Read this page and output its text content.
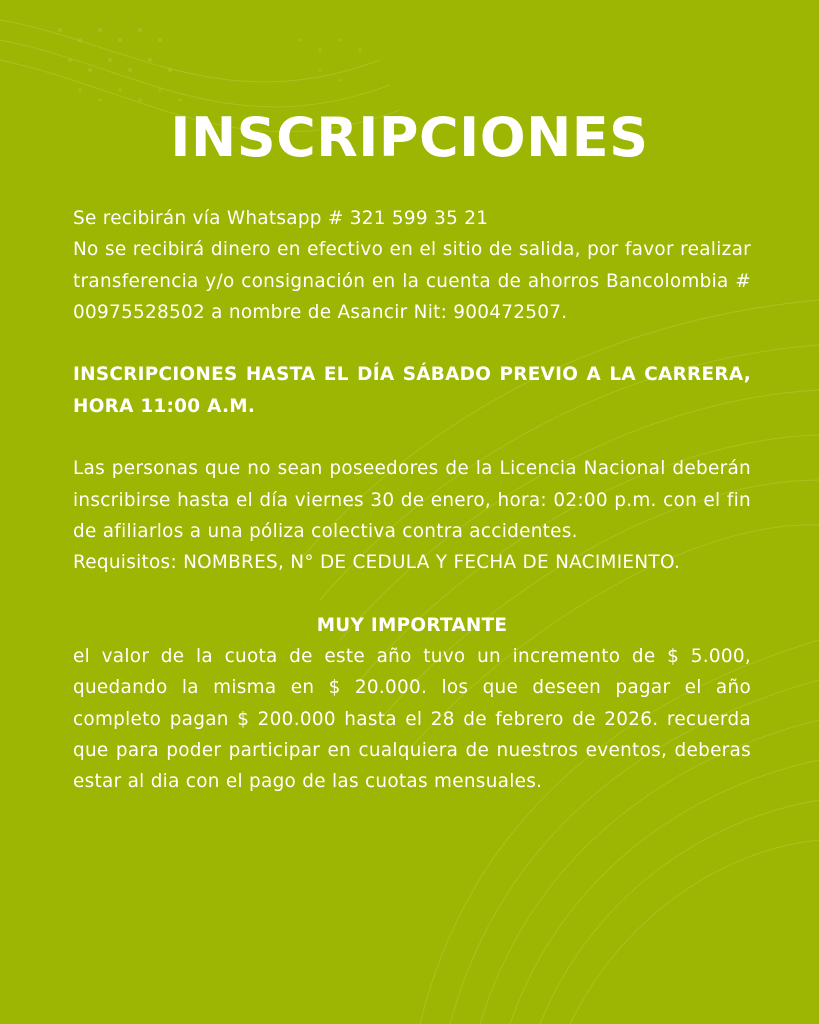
INSCRIPCIONES

Se recibirán vía Whatsapp # 321 599 35 21

No se recibirá dinero en efectivo en el sitio de salida, por favor realizar transferencia y/o consignación en la cuenta de ahorros Bancolombia # 00975528502 a nombre de Asancir Nit: 900472507.

INSCRIPCIONES HASTA EL DÍA SÁBADO PREVIO A LA CARRERA, HORA 11:00 A.M.

Las personas que no sean poseedores de la Licencia Nacional deberán inscribirse hasta el día viernes 30 de enero, hora: 02:00 p.m. con el fin de afiliarlos a una póliza colectiva contra accidentes.

Requisitos: NOMBRES, N° DE CEDULA Y FECHA DE NACIMIENTO.

MUY IMPORTANTE

el valor de la cuota de este año tuvo un incremento de $ 5.000, quedando la misma en $ 20.000. los que deseen pagar el año completo pagan $ 200.000 hasta el 28 de febrero de 2026. recuerda que para poder participar en cualquiera de nuestros eventos, deberas estar al dia con el pago de las cuotas mensuales.
